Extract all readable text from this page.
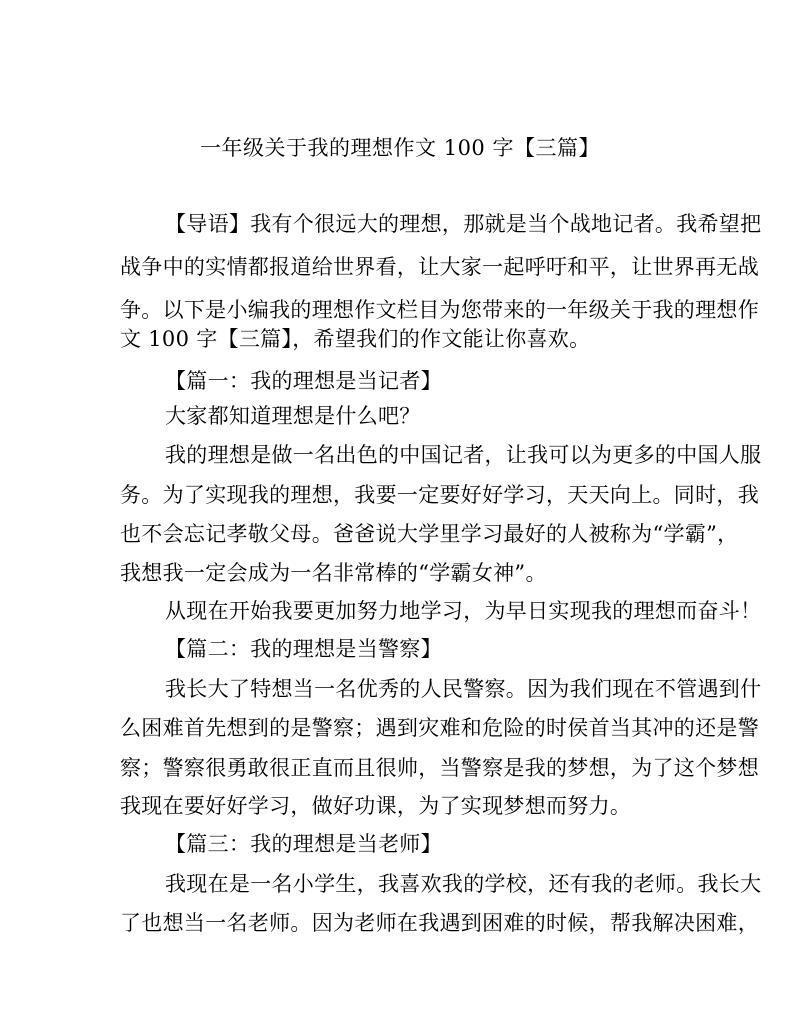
一年级关于我的理想作文 100 字【三篇】
【导语】我有个很远大的理想，那就是当个战地记者。我希望把
战争中的实情都报道给世界看，让大家一起呼吁和平，让世界再无战
争。以下是小编我的理想作文栏目为您带来的一年级关于我的理想作
文 100 字【三篇】，希望我们的作文能让你喜欢。
【篇一：我的理想是当记者】
大家都知道理想是什么吧？
我的理想是做一名出色的中国记者，让我可以为更多的中国人服
务。为了实现我的理想，我要一定要好好学习，天天向上。同时，我
也不会忘记孝敬父母。爸爸说大学里学习最好的人被称为“学霸”，
我想我一定会成为一名非常棒的“学霸女神”。
从现在开始我要更加努力地学习，为早日实现我的理想而奋斗！
【篇二：我的理想是当警察】
我长大了特想当一名优秀的人民警察。因为我们现在不管遇到什
么困难首先想到的是警察；遇到灾难和危险的时侯首当其冲的还是警
察；警察很勇敢很正直而且很帅，当警察是我的梦想，为了这个梦想
我现在要好好学习，做好功课，为了实现梦想而努力。
【篇三：我的理想是当老师】
我现在是一名小学生，我喜欢我的学校，还有我的老师。我长大
了也想当一名老师。因为老师在我遇到困难的时候，帮我解决困难，
